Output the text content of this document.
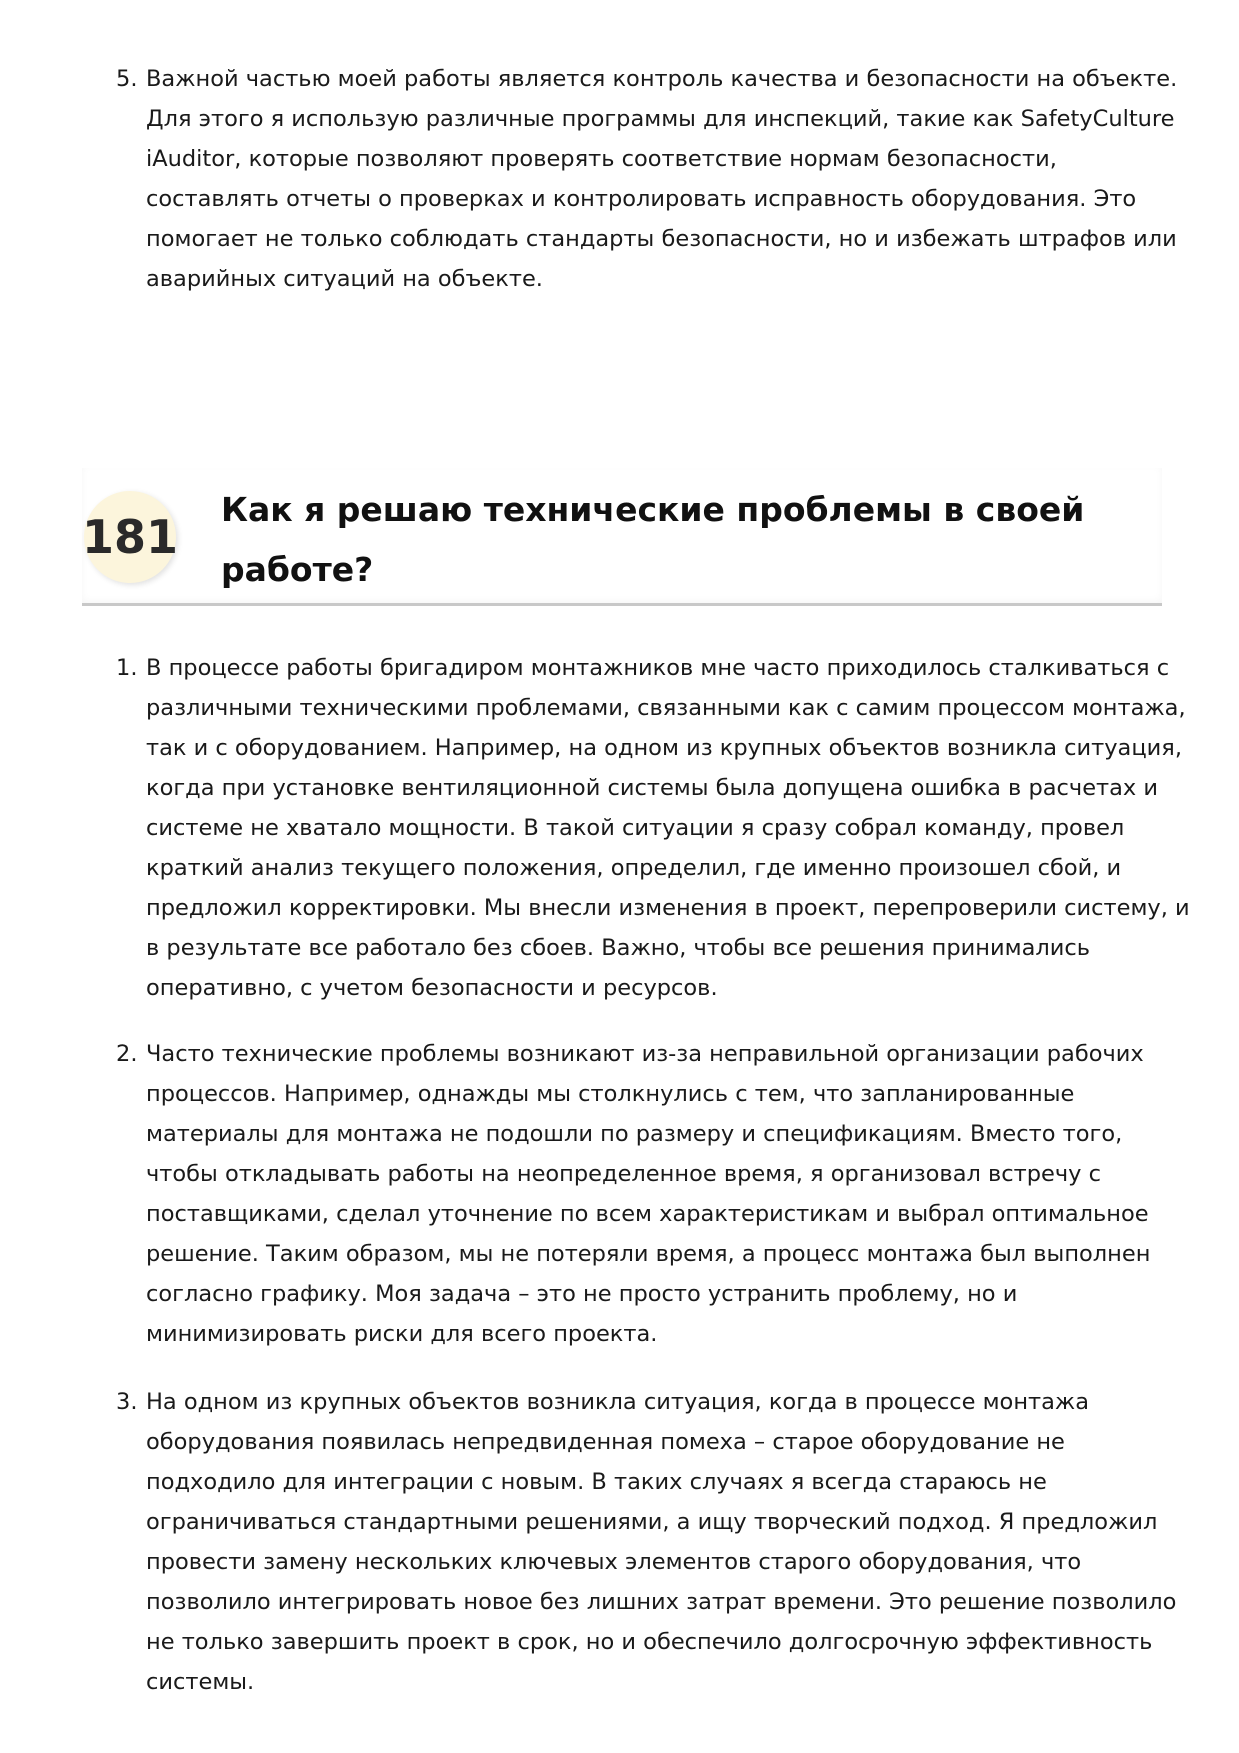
5. Важной частью моей работы является контроль качества и безопасности на объекте.
Для этого я использую различные программы для инспекций, такие как SafetyCulture
iAuditor, которые позволяют проверять соответствие нормам безопасности,
составлять отчеты о проверках и контролировать исправность оборудования. Это
помогает не только соблюдать стандарты безопасности, но и избежать штрафов или
аварийных ситуаций на объекте.
181
Как я решаю технические проблемы в своей
работе?
1. В процессе работы бригадиром монтажников мне часто приходилось сталкиваться с
различными техническими проблемами, связанными как с самим процессом монтажа,
так и с оборудованием. Например, на одном из крупных объектов возникла ситуация,
когда при установке вентиляционной системы была допущена ошибка в расчетах и
системе не хватало мощности. В такой ситуации я сразу собрал команду, провел
краткий анализ текущего положения, определил, где именно произошел сбой, и
предложил корректировки. Мы внесли изменения в проект, перепроверили систему, и
в результате все работало без сбоев. Важно, чтобы все решения принимались
оперативно, с учетом безопасности и ресурсов.
2. Часто технические проблемы возникают из-за неправильной организации рабочих
процессов. Например, однажды мы столкнулись с тем, что запланированные
материалы для монтажа не подошли по размеру и спецификациям. Вместо того,
чтобы откладывать работы на неопределенное время, я организовал встречу с
поставщиками, сделал уточнение по всем характеристикам и выбрал оптимальное
решение. Таким образом, мы не потеряли время, а процесс монтажа был выполнен
согласно графику. Моя задача – это не просто устранить проблему, но и
минимизировать риски для всего проекта.
3. На одном из крупных объектов возникла ситуация, когда в процессе монтажа
оборудования появилась непредвиденная помеха – старое оборудование не
подходило для интеграции с новым. В таких случаях я всегда стараюсь не
ограничиваться стандартными решениями, а ищу творческий подход. Я предложил
провести замену нескольких ключевых элементов старого оборудования, что
позволило интегрировать новое без лишних затрат времени. Это решение позволило
не только завершить проект в срок, но и обеспечило долгосрочную эффективность
системы.
